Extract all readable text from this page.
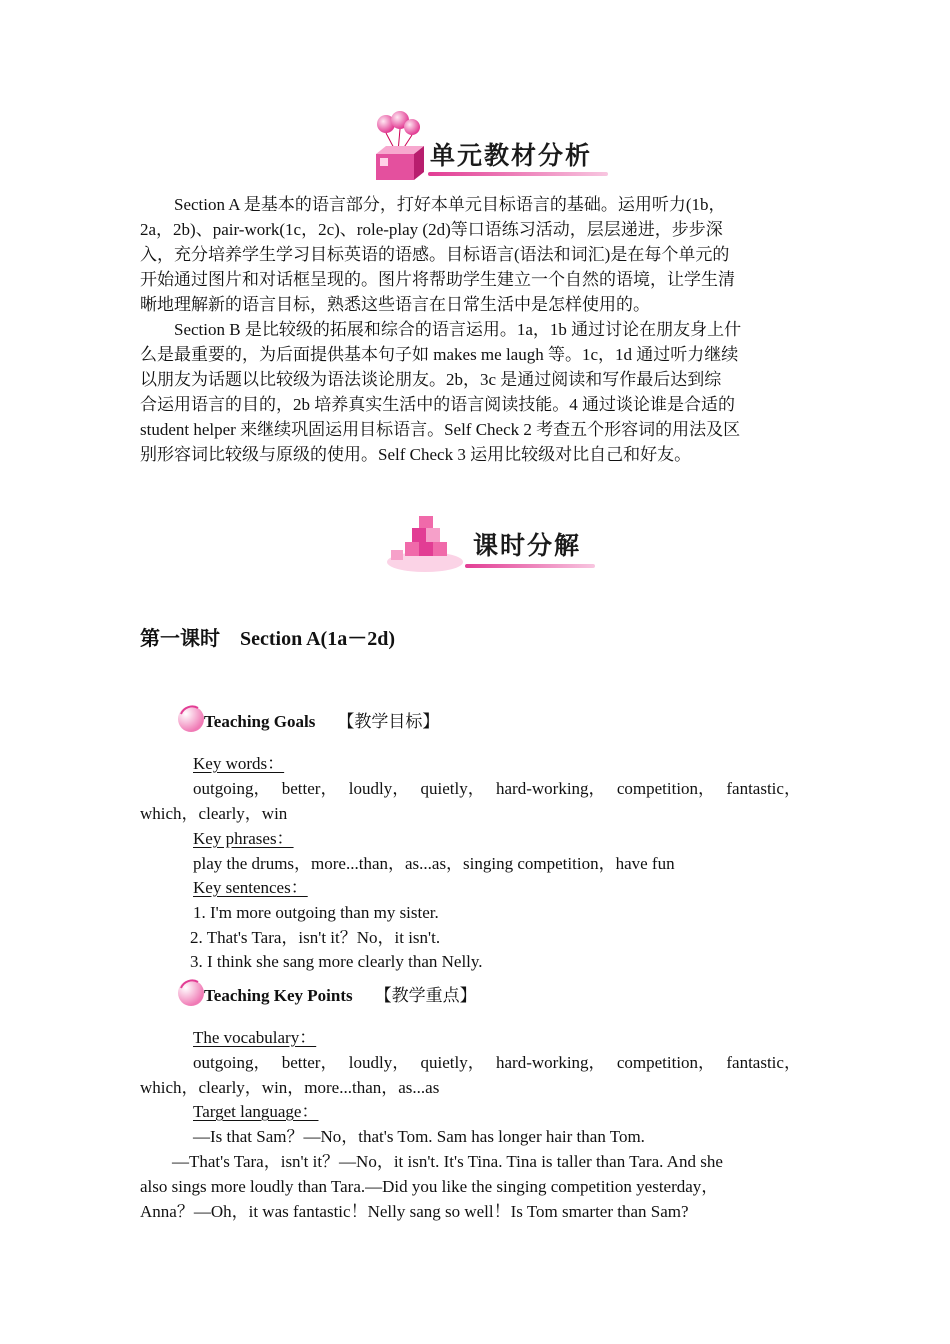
单元教材分析
Section A 是基本的语言部分，打好本单元目标语言的基础。运用听力(1b，
2a，2b)、pair-work(1c，2c)、role-play (2d)等口语练习活动，层层递进，步步深
入，充分培养学生学习目标英语的语感。目标语言(语法和词汇)是在每个单元的
开始通过图片和对话框呈现的。图片将帮助学生建立一个自然的语境，让学生清
晰地理解新的语言目标，熟悉这些语言在日常生活中是怎样使用的。
Section B 是比较级的拓展和综合的语言运用。1a，1b 通过讨论在朋友身上什
么是最重要的，为后面提供基本句子如 makes me laugh 等。1c，1d 通过听力继续
以朋友为话题以比较级为语法谈论朋友。2b，3c 是通过阅读和写作最后达到综
合运用语言的目的，2b 培养真实生活中的语言阅读技能。4 通过谈论谁是合适的
student helper 来继续巩固运用目标语言。Self Check 2 考查五个形容词的用法及区
别形容词比较级与原级的使用。Self Check 3 运用比较级对比自己和好友。
课时分解
第一课时　Section A(1a－2d)
Teaching Goals 【教学目标】
Key words：
outgoing， better， loudly， quietly， hard-working， competition， fantastic，
which，clearly，win
Key phrases：
play the drums，more...than，as...as，singing competition，have fun
Key sentences：
1. I'm more outgoing than my sister.
2. That's Tara，isn't it？No，it isn't.
3. I think she sang more clearly than Nelly.
Teaching Key Points 【教学重点】
The vocabulary：
outgoing， better， loudly， quietly， hard-working， competition， fantastic，
which，clearly，win，more...than，as...as
Target language：
—Is that Sam？—No，that's Tom. Sam has longer hair than Tom.
—That's Tara，isn't it？—No，it isn't. It's Tina. Tina is taller than Tara. And she
also sings more loudly than Tara.—Did you like the singing competition yesterday，
Anna？—Oh，it was fantastic！Nelly sang so well！Is Tom smarter than Sam?
